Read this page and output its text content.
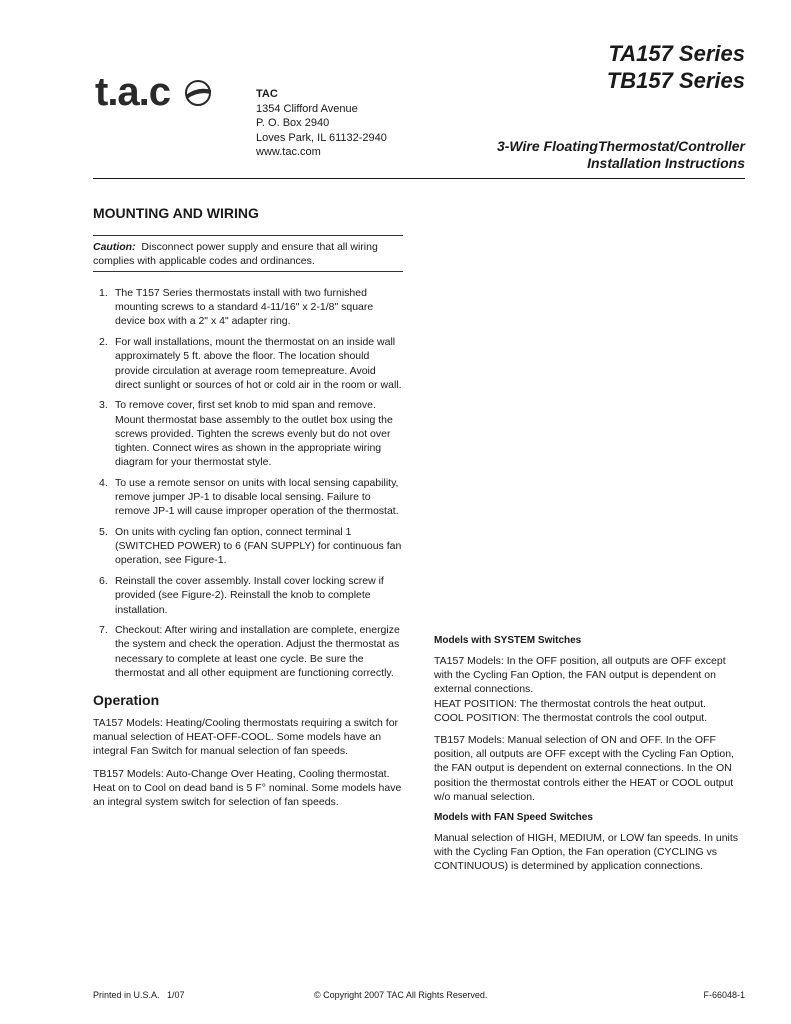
t.a.c	TAC
1354 Clifford Avenue
P. O. Box 2940
Loves Park, IL 61132-2940
www.tac.com
TA157 Series
TB157 Series
3-Wire FloatingThermostat/Controller
Installation Instructions
MOUNTING AND WIRING
Caution: Disconnect power supply and ensure that all wiring complies with applicable codes and ordinances.
1. The T157 Series thermostats install with two furnished mounting screws to a standard 4-11/16" x 2-1/8" square device box with a 2" x 4" adapter ring.
2. For wall installations, mount the thermostat on an inside wall approximately 5 ft. above the floor. The location should provide circulation at average room temepreature. Avoid direct sunlight or sources of hot or cold air in the room or wall.
3. To remove cover, first set knob to mid span and remove. Mount thermostat base assembly to the outlet box using the screws provided. Tighten the screws evenly but do not over tighten. Connect wires as shown in the appropriate wiring diagram for your thermostat style.
4. To use a remote sensor on units with local sensing capability, remove jumper JP-1 to disable local sensing. Failure to remove JP-1 will cause improper operation of the thermostat.
5. On units with cycling fan option, connect terminal 1 (SWITCHED POWER) to 6 (FAN SUPPLY) for continuous fan operation, see Figure-1.
6. Reinstall the cover assembly. Install cover locking screw if provided (see Figure-2). Reinstall the knob to complete installation.
7. Checkout: After wiring and installation are complete, energize the system and check the operation. Adjust the thermostat as necessary to complete at least one cycle. Be sure the thermostat and all other equipment are functioning correctly.
Operation

TA157 Models: Heating/Cooling thermostats requiring a switch for manual selection of HEAT-OFF-COOL. Some models have an integral Fan Switch for manual selection of fan speeds.

TB157 Models: Auto-Change Over Heating, Cooling thermostat. Heat on to Cool on dead band is 5 F° nominal. Some models have an integral system switch for selection of fan speeds.

Models with SYSTEM Switches

TA157 Models: In the OFF position, all outputs are OFF except with the Cycling Fan Option, the FAN output is dependent on external connections.
HEAT POSITION: The thermostat controls the heat output.
COOL POSITION: The thermostat controls the cool output.

TB157 Models: Manual selection of ON and OFF. In the OFF position, all outputs are OFF except with the Cycling Fan Option, the FAN output is dependent on external connections. In the ON position the thermostat controls either the HEAT or COOL output w/o manual selection.

Models with FAN Speed Switches

Manual selection of HIGH, MEDIUM, or LOW fan speeds. In units with the Cycling Fan Option, the Fan operation (CYCLING vs CONTINUOUS) is determined by application connections.

Printed in U.S.A.   1/07	© Copyright 2007 TAC All Rights Reserved.	F-66048-1
